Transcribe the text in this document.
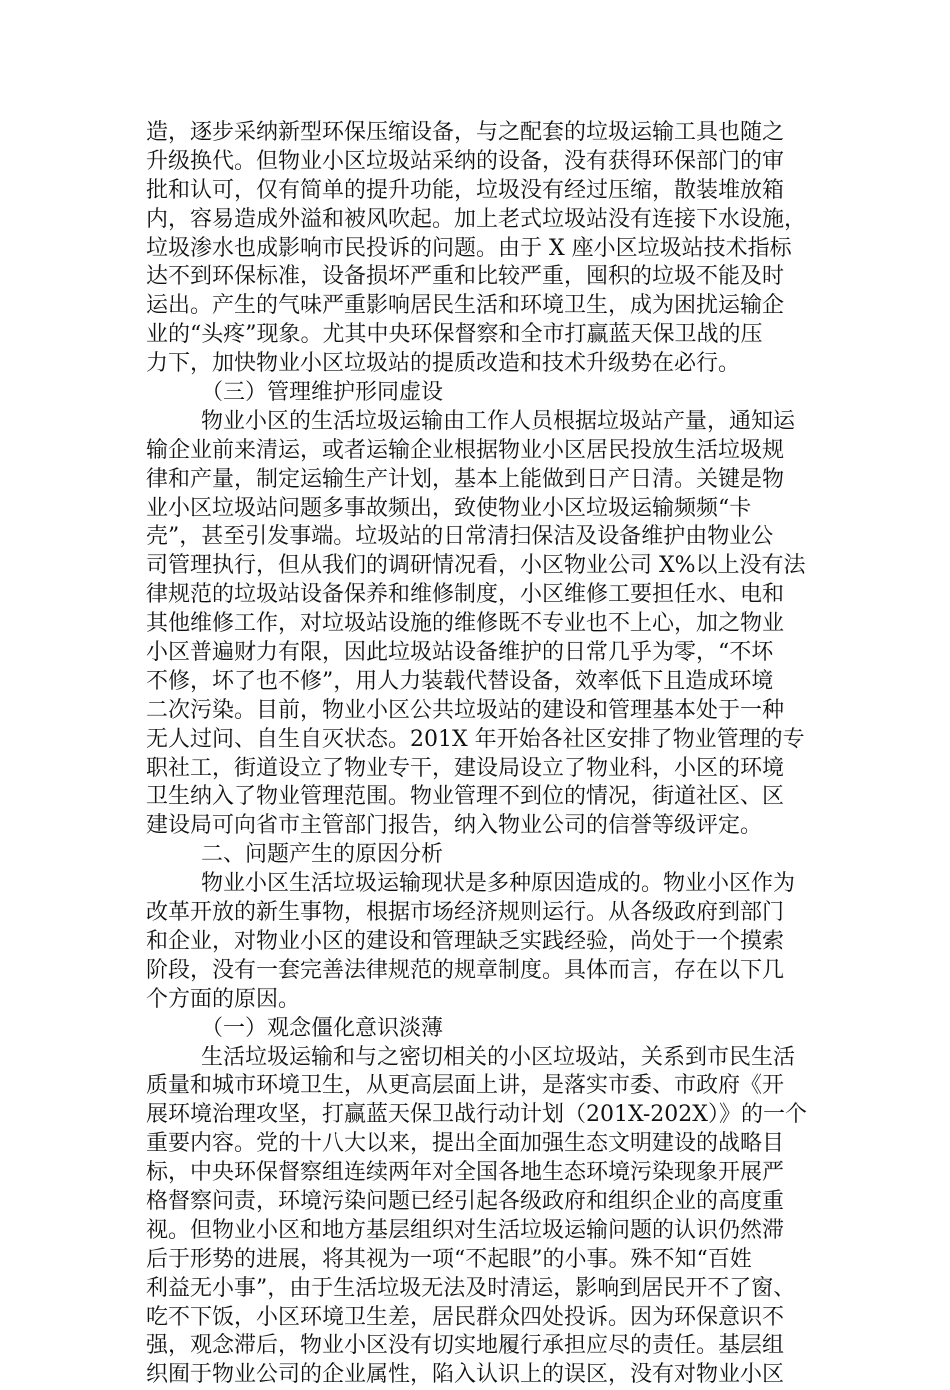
造，逐步采纳新型环保压缩设备，与之配套的垃圾运输工具也随之
升级换代。但物业小区垃圾站采纳的设备，没有获得环保部门的审
批和认可，仅有简单的提升功能，垃圾没有经过压缩，散装堆放箱
内，容易造成外溢和被风吹起。加上老式垃圾站没有连接下水设施，
垃圾渗水也成影响市民投诉的问题。由于 X 座小区垃圾站技术指标
达不到环保标准，设备损坏严重和比较严重，囤积的垃圾不能及时
运出。产生的气味严重影响居民生活和环境卫生，成为困扰运输企
业的“头疼”现象。尤其中央环保督察和全市打赢蓝天保卫战的压
力下，加快物业小区垃圾站的提质改造和技术升级势在必行。
（三）管理维护形同虚设
物业小区的生活垃圾运输由工作人员根据垃圾站产量，通知运
输企业前来清运，或者运输企业根据物业小区居民投放生活垃圾规
律和产量，制定运输生产计划，基本上能做到日产日清。关键是物
业小区垃圾站问题多事故频出，致使物业小区垃圾运输频频“卡
壳”，甚至引发事端。垃圾站的日常清扫保洁及设备维护由物业公
司管理执行，但从我们的调研情况看，小区物业公司 X%以上没有法
律规范的垃圾站设备保养和维修制度，小区维修工要担任水、电和
其他维修工作，对垃圾站设施的维修既不专业也不上心，加之物业
小区普遍财力有限，因此垃圾站设备维护的日常几乎为零，“不坏
不修，坏了也不修”，用人力装载代替设备，效率低下且造成环境
二次污染。目前，物业小区公共垃圾站的建设和管理基本处于一种
无人过问、自生自灭状态。201X 年开始各社区安排了物业管理的专
职社工，街道设立了物业专干，建设局设立了物业科，小区的环境
卫生纳入了物业管理范围。物业管理不到位的情况，街道社区、区
建设局可向省市主管部门报告，纳入物业公司的信誉等级评定。
二、问题产生的原因分析
物业小区生活垃圾运输现状是多种原因造成的。物业小区作为
改革开放的新生事物，根据市场经济规则运行。从各级政府到部门
和企业，对物业小区的建设和管理缺乏实践经验，尚处于一个摸索
阶段，没有一套完善法律规范的规章制度。具体而言，存在以下几
个方面的原因。
（一）观念僵化意识淡薄
生活垃圾运输和与之密切相关的小区垃圾站，关系到市民生活
质量和城市环境卫生，从更高层面上讲，是落实市委、市政府《开
展环境治理攻坚，打赢蓝天保卫战行动计划（201X-202X）》的一个
重要内容。党的十八大以来，提出全面加强生态文明建设的战略目
标，中央环保督察组连续两年对全国各地生态环境污染现象开展严
格督察问责，环境污染问题已经引起各级政府和组织企业的高度重
视。但物业小区和地方基层组织对生活垃圾运输问题的认识仍然滞
后于形势的进展，将其视为一项“不起眼”的小事。殊不知“百姓
利益无小事”，由于生活垃圾无法及时清运，影响到居民开不了窗、
吃不下饭，小区环境卫生差，居民群众四处投诉。因为环保意识不
强，观念滞后，物业小区没有切实地履行承担应尽的责任。基层组
织囿于物业公司的企业属性，陷入认识上的误区，没有对物业小区
